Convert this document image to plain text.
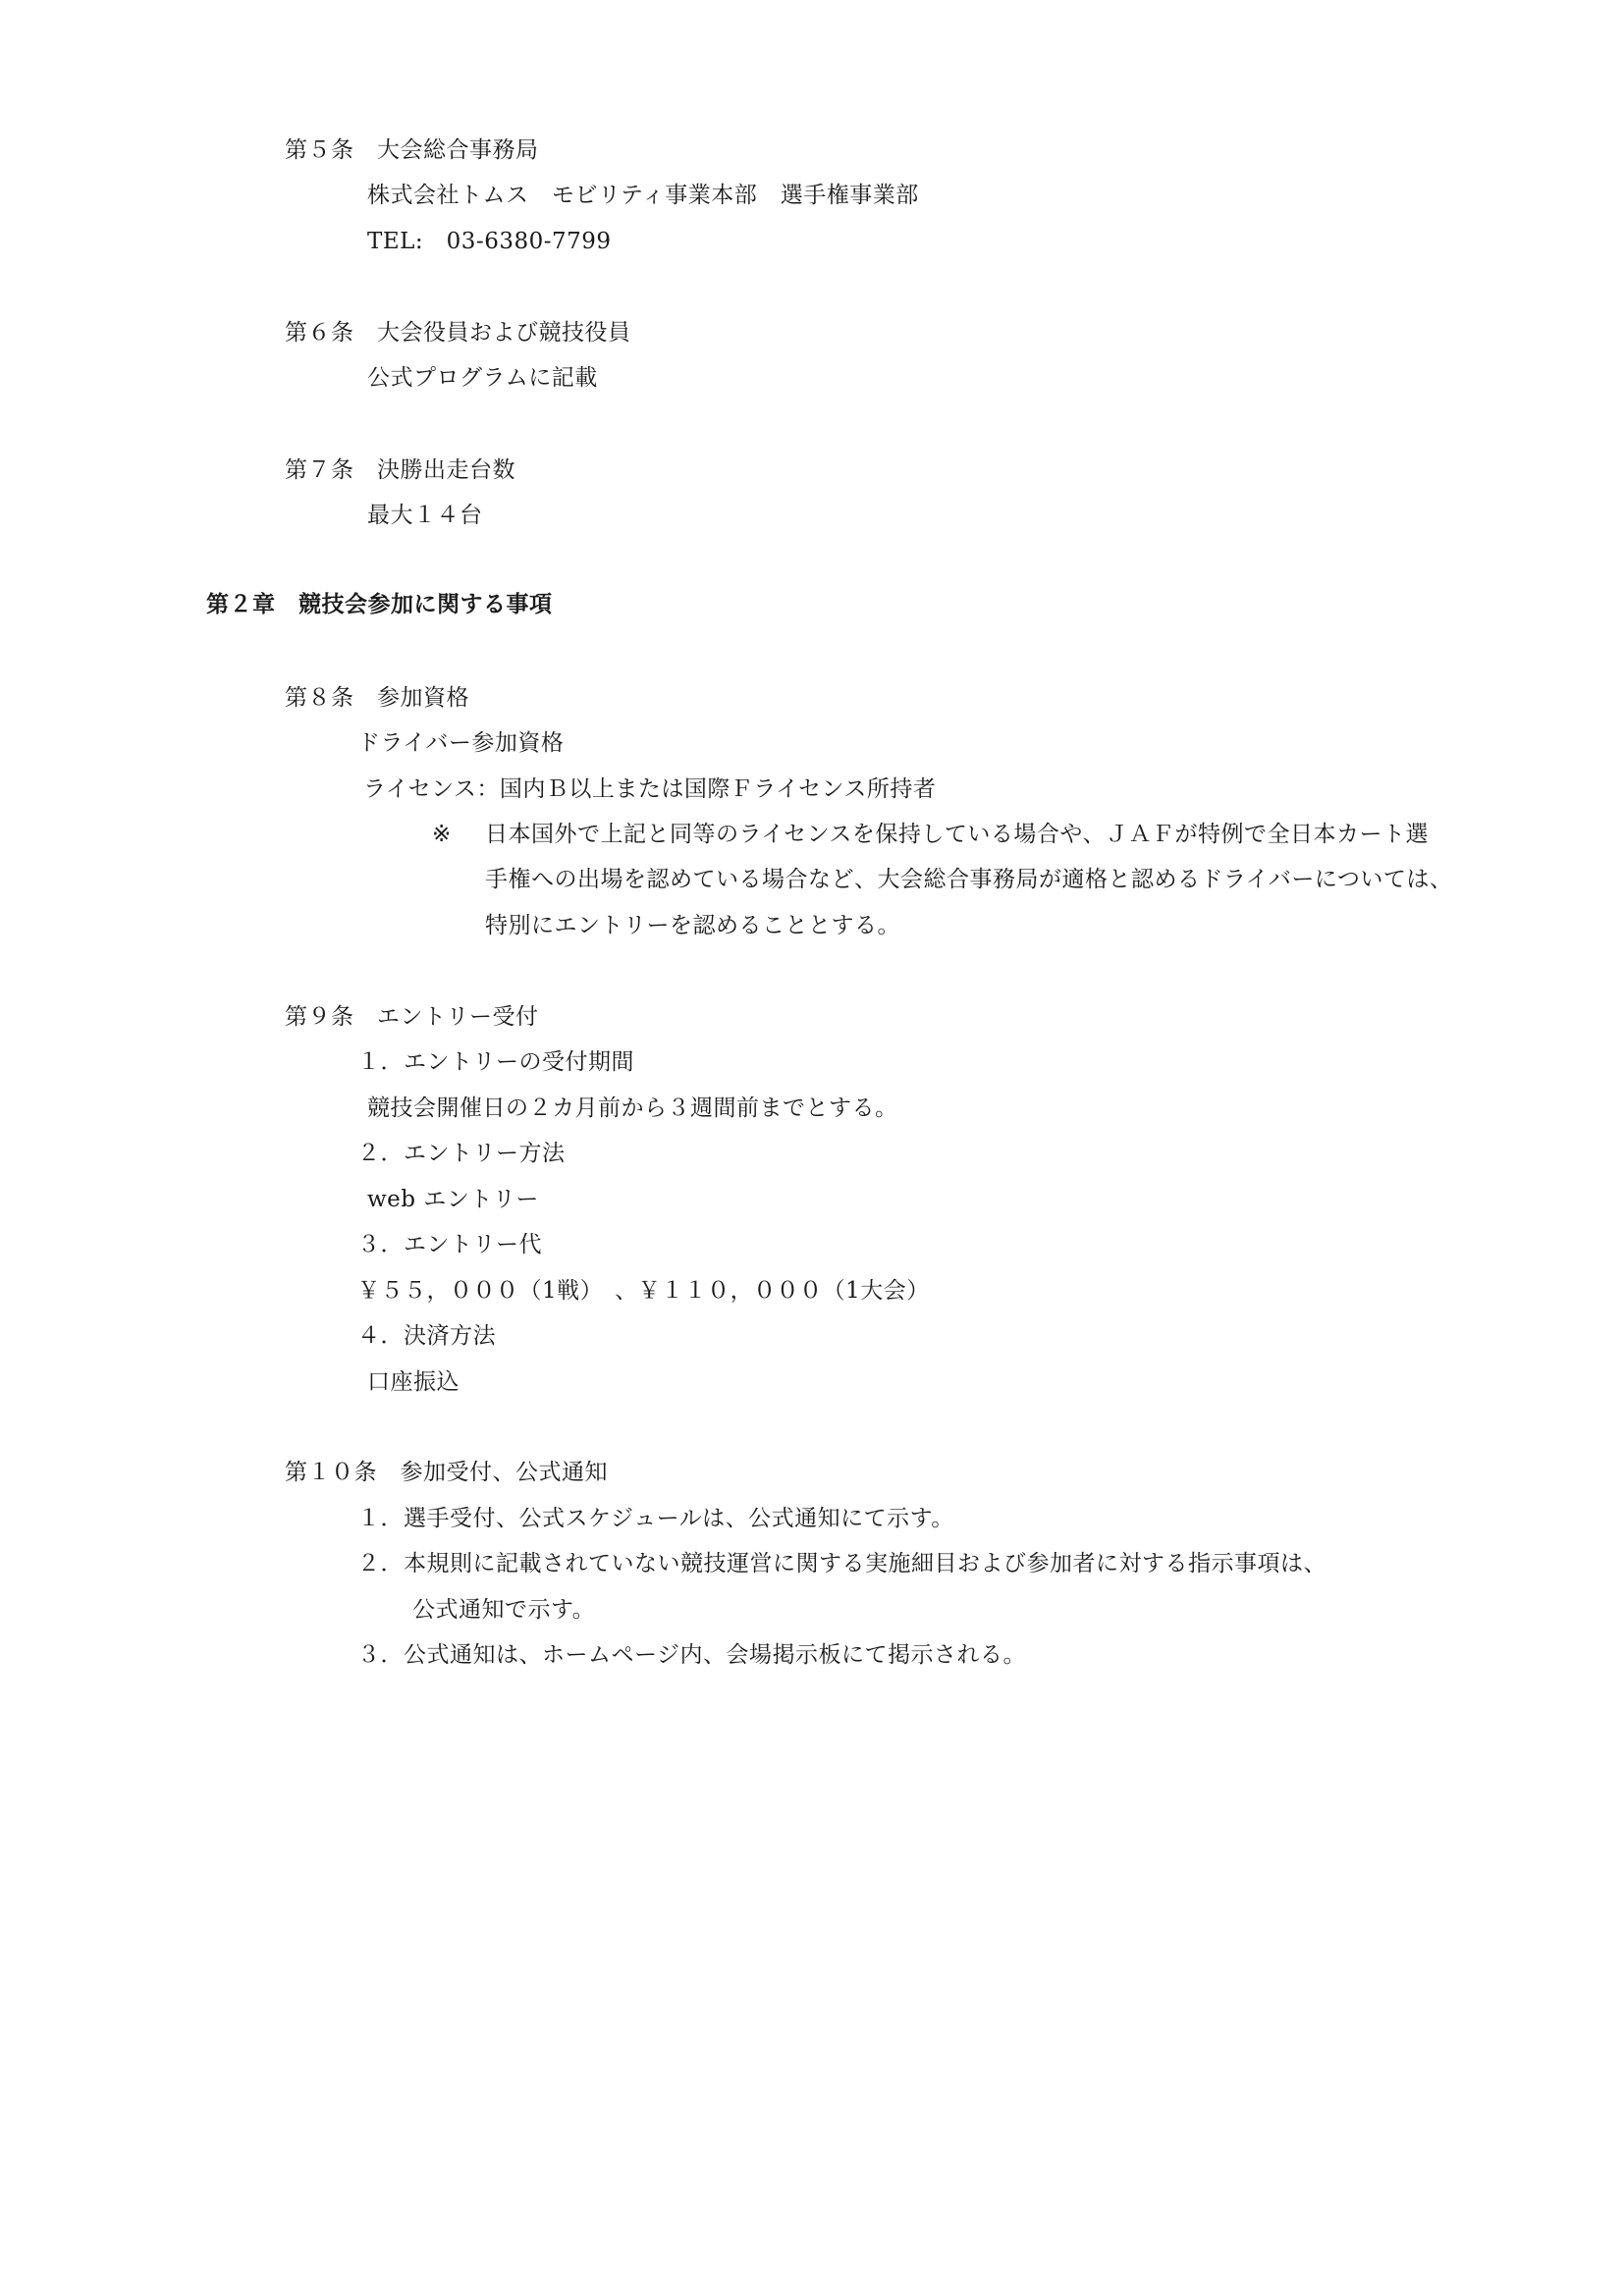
第５条　大会総合事務局
株式会社トムス　モビリティ事業本部　選手権事業部
TEL:　03-6380-7799
第６条　大会役員および競技役員
公式プログラムに記載
第７条　決勝出走台数
最大１４台
第２章　競技会参加に関する事項
第８条　参加資格
ドライバー参加資格
ライセンス：国内Ｂ以上または国際Ｆライセンス所持者
※ 日本国外で上記と同等のライセンスを保持している場合や、ＪＡＦが特例で全日本カート選
手権への出場を認めている場合など、大会総合事務局が適格と認めるドライバーについては、
特別にエントリーを認めることとする。
第９条　エントリー受付
１．エントリーの受付期間
競技会開催日の２カ月前から３週間前までとする。
２．エントリー方法
web エントリー
３．エントリー代
￥５５，０００（1戦）　、￥１１０，０００（1大会）
４．決済方法
口座振込
第１０条　参加受付、公式通知
１．選手受付、公式スケジュールは、公式通知にて示す。
２．本規則に記載されていない競技運営に関する実施細目および参加者に対する指示事項は、
公式通知で示す。
３．公式通知は、ホームページ内、会場掲示板にて掲示される。
